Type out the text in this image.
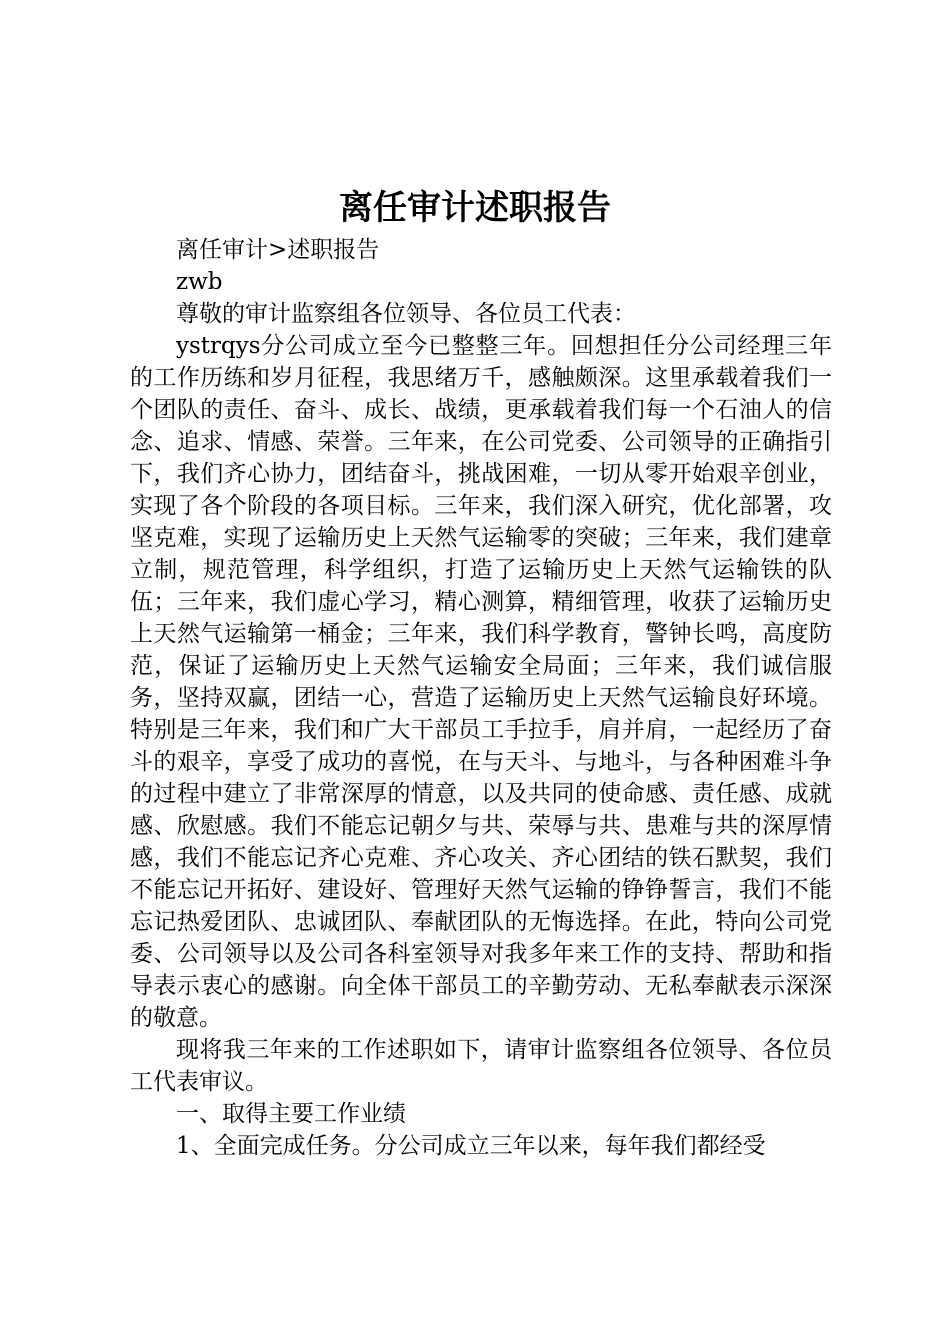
离任审计述职报告

离任审计>述职报告

zwb

尊敬的审计监察组各位领导、各位员工代表：

ystrqys分公司成立至今已整整三年。回想担任分公司经理三年的工作历练和岁月征程，我思绪万千，感触颇深。这里承载着我们一个团队的责任、奋斗、成长、战绩，更承载着我们每一个石油人的信念、追求、情感、荣誉。三年来，在公司党委、公司领导的正确指引下，我们齐心协力，团结奋斗，挑战困难，一切从零开始艰辛创业，实现了各个阶段的各项目标。三年来，我们深入研究，优化部署，攻坚克难，实现了运输历史上天然气运输零的突破；三年来，我们建章立制，规范管理，科学组织，打造了运输历史上天然气运输铁的队伍；三年来，我们虚心学习，精心测算，精细管理，收获了运输历史上天然气运输第一桶金；三年来，我们科学教育，警钟长鸣，高度防范，保证了运输历史上天然气运输安全局面；三年来，我们诚信服务，坚持双赢，团结一心，营造了运输历史上天然气运输良好环境。特别是三年来，我们和广大干部员工手拉手，肩并肩，一起经历了奋斗的艰辛，享受了成功的喜悦，在与天斗、与地斗，与各种困难斗争的过程中建立了非常深厚的情意，以及共同的使命感、责任感、成就感、欣慰感。我们不能忘记朝夕与共、荣辱与共、患难与共的深厚情感，我们不能忘记齐心克难、齐心攻关、齐心团结的铁石默契，我们不能忘记开拓好、建设好、管理好天然气运输的铮铮誓言，我们不能忘记热爱团队、忠诚团队、奉献团队的无悔选择。在此，特向公司党委、公司领导以及公司各科室领导对我多年来工作的支持、帮助和指导表示衷心的感谢。向全体干部员工的辛勤劳动、无私奉献表示深深的敬意。

现将我三年来的工作述职如下，请审计监察组各位领导、各位员工代表审议。

一、取得主要工作业绩

1、全面完成任务。分公司成立三年以来，每年我们都经受
